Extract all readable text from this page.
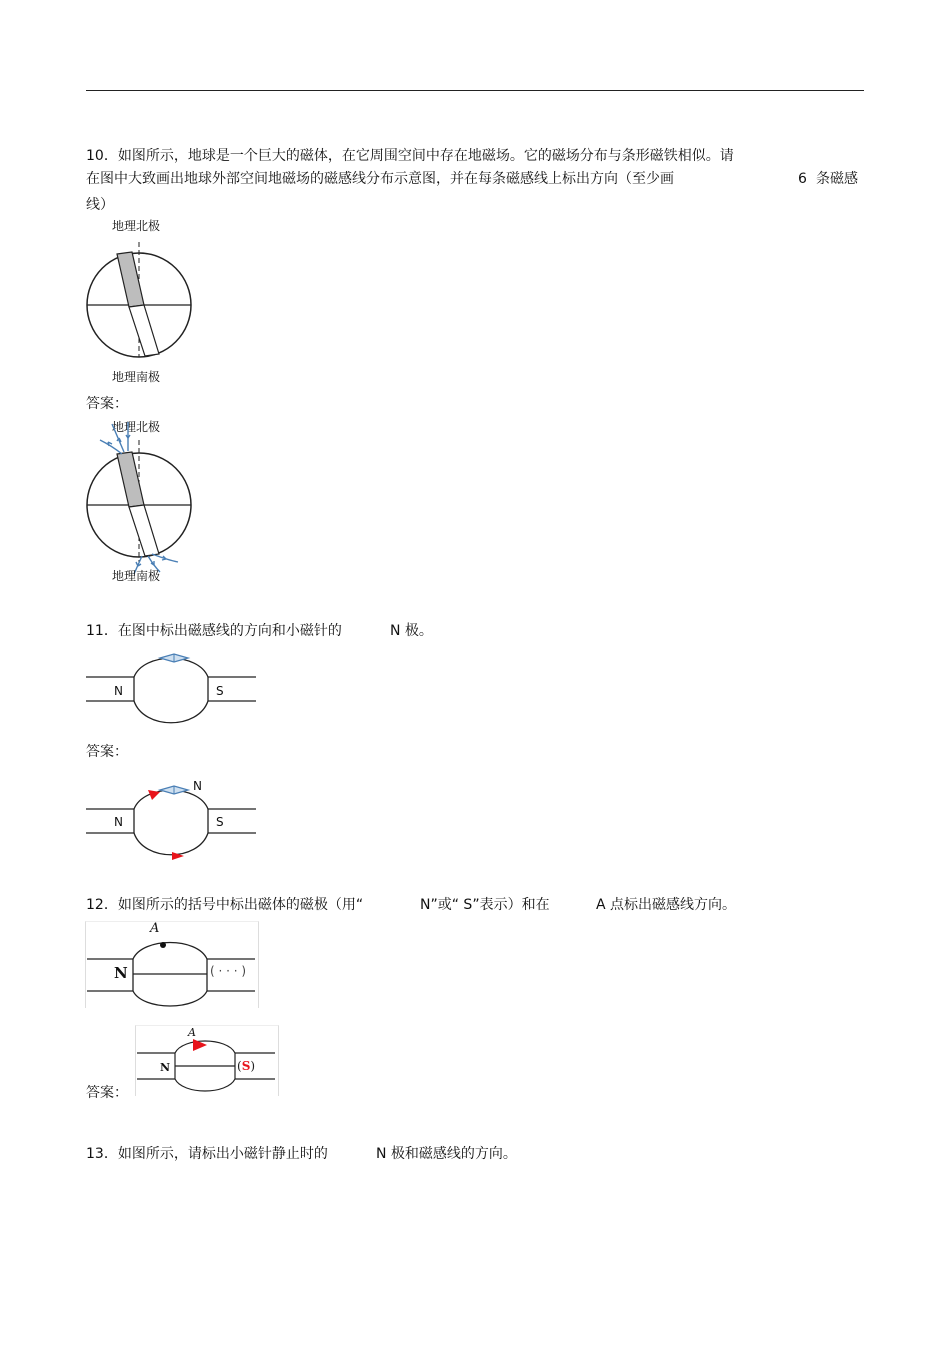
10．如图所示，地球是一个巨大的磁体，在它周围空间中存在地磁场。它的磁场分布与条形磁铁相似。请
在图中大致画出地球外部空间地磁场的磁感线分布示意图，并在每条磁感线上标出方向（至少画	6 条磁感
线）
地理北极
地理南极
答案：
地理北极
地理南极
11．在图中标出磁感线的方向和小磁针的	N 极。
N	S
答案：
N
N	S
12．如图所示的括号中标出磁体的磁极（用“	N”或“ S”表示）和在	A 点标出磁感线方向。
A
N	( · · · )
A
N	(S)
答案：
13．如图所示，请标出小磁针静止时的	N 极和磁感线的方向。
